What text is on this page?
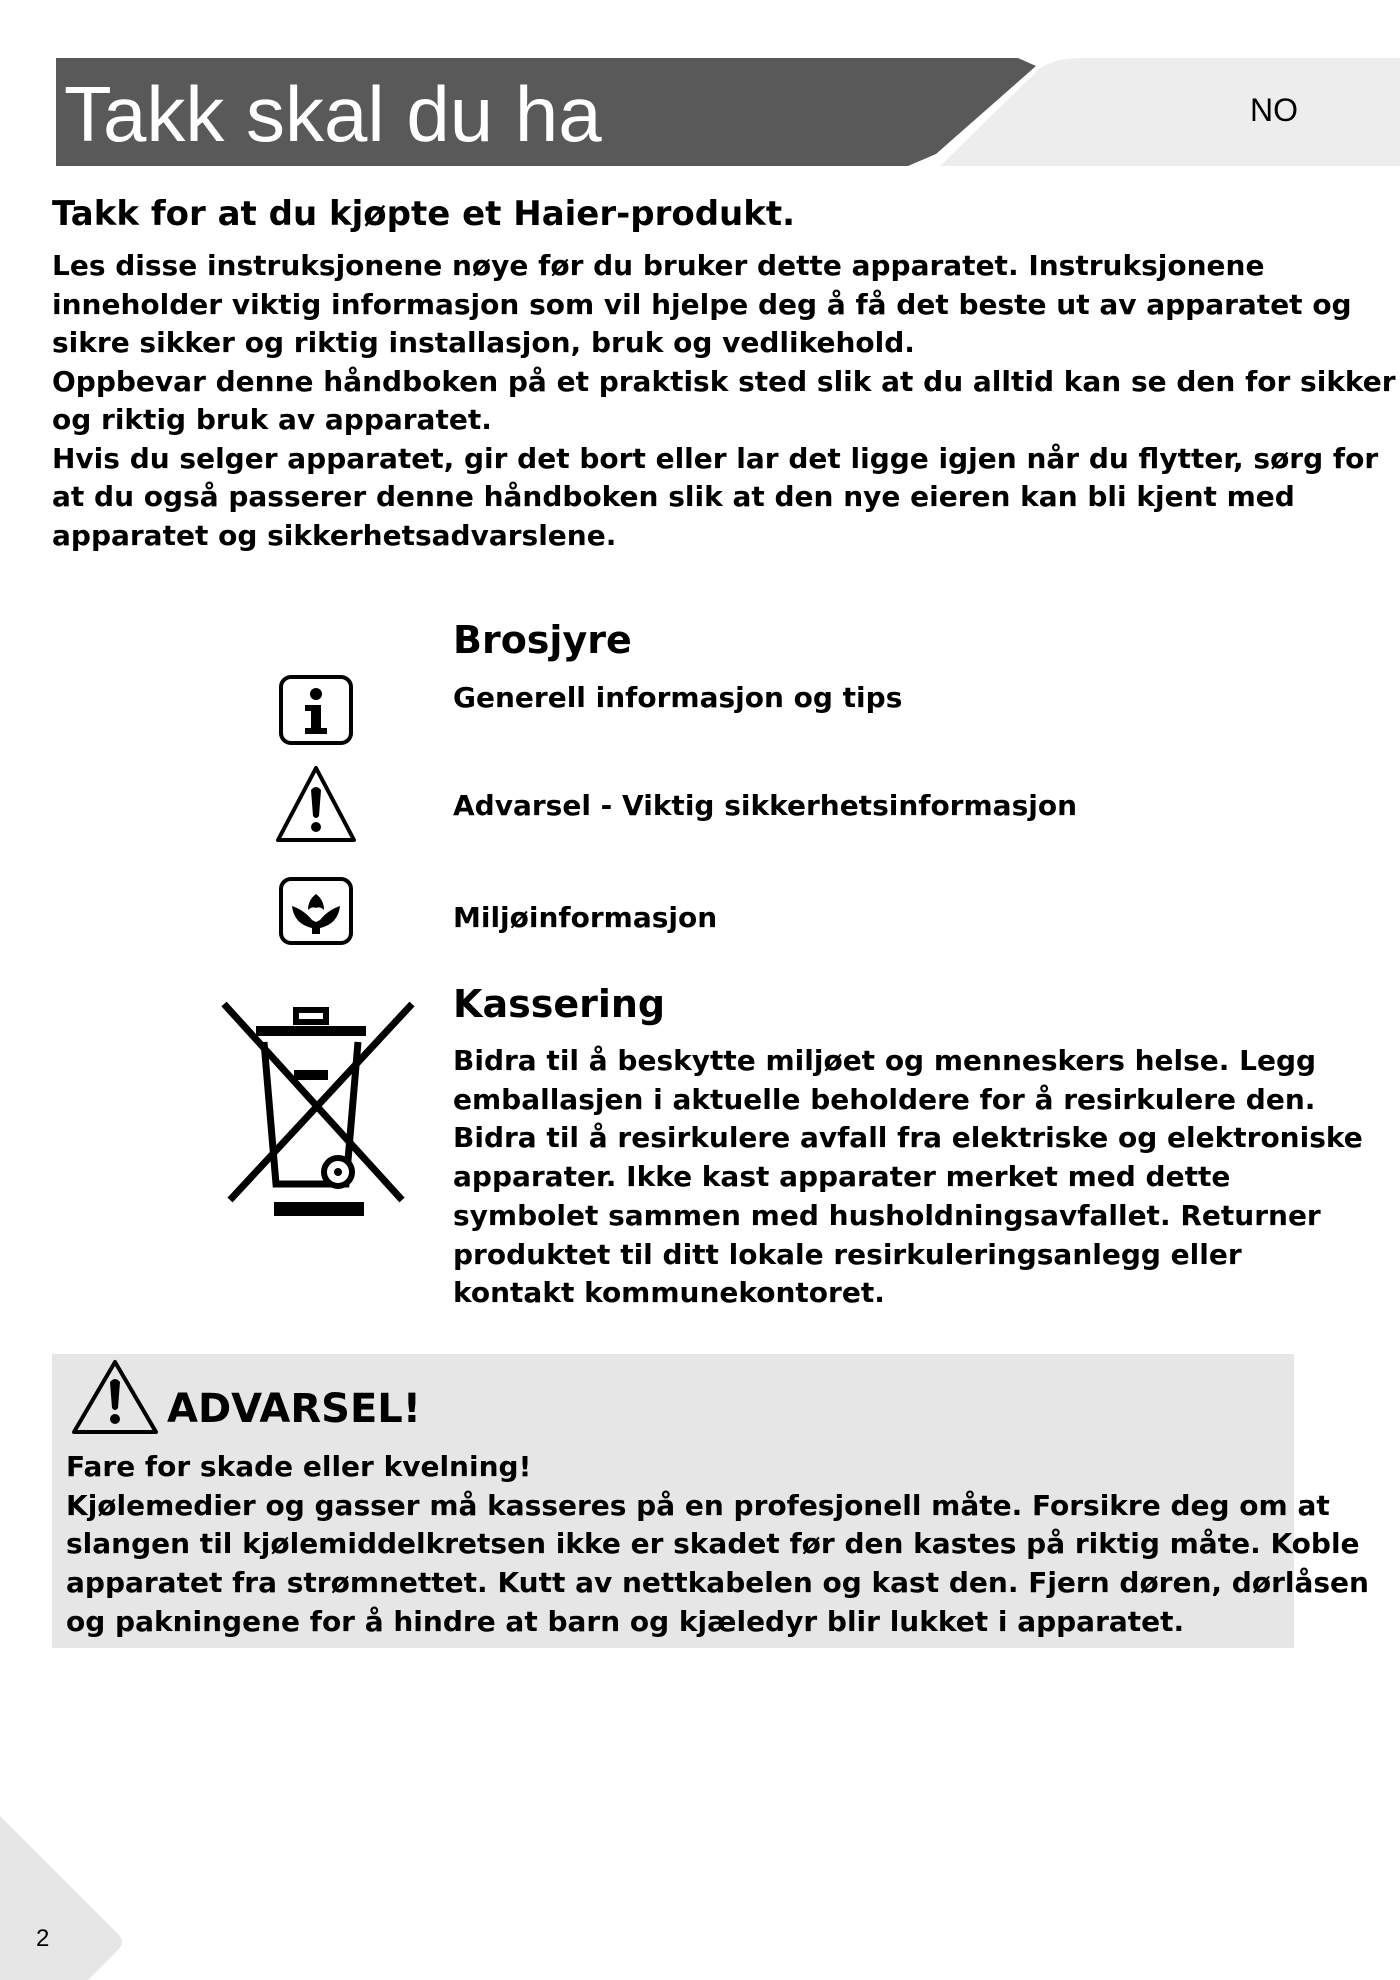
Takk skal du ha	NO
Takk for at du kjøpte et Haier-produkt.

Les disse instruksjonene nøye før du bruker dette apparatet. Instruksjonene

inneholder viktig informasjon som vil hjelpe deg å få det beste ut av apparatet og

sikre sikker og riktig installasjon, bruk og vedlikehold.

Oppbevar denne håndboken på et praktisk sted slik at du alltid kan se den for sikker

og riktig bruk av apparatet.

Hvis du selger apparatet, gir det bort eller lar det ligge igjen når du flytter, sørg for

at du også passerer denne håndboken slik at den nye eieren kan bli kjent med

apparatet og sikkerhetsadvarslene.

Brosjyre
Generell informasjon og tips
Advarsel - Viktig sikkerhetsinformasjon
Miljøinformasjon
Kassering

Bidra til å beskytte miljøet og menneskers helse. Legg

emballasjen i aktuelle beholdere for å resirkulere den.

Bidra til å resirkulere avfall fra elektriske og elektroniske

apparater. Ikke kast apparater merket med dette

symbolet sammen med husholdningsavfallet. Returner

produktet til ditt lokale resirkuleringsanlegg eller

kontakt kommunekontoret.

ADVARSEL!

Fare for skade eller kvelning!

Kjølemedier og gasser må kasseres på en profesjonell måte. Forsikre deg om at

slangen til kjølemiddelkretsen ikke er skadet før den kastes på riktig måte. Koble

apparatet fra strømnettet. Kutt av nettkabelen og kast den. Fjern døren, dørlåsen

og pakningene for å hindre at barn og kjæledyr blir lukket i apparatet.

2
